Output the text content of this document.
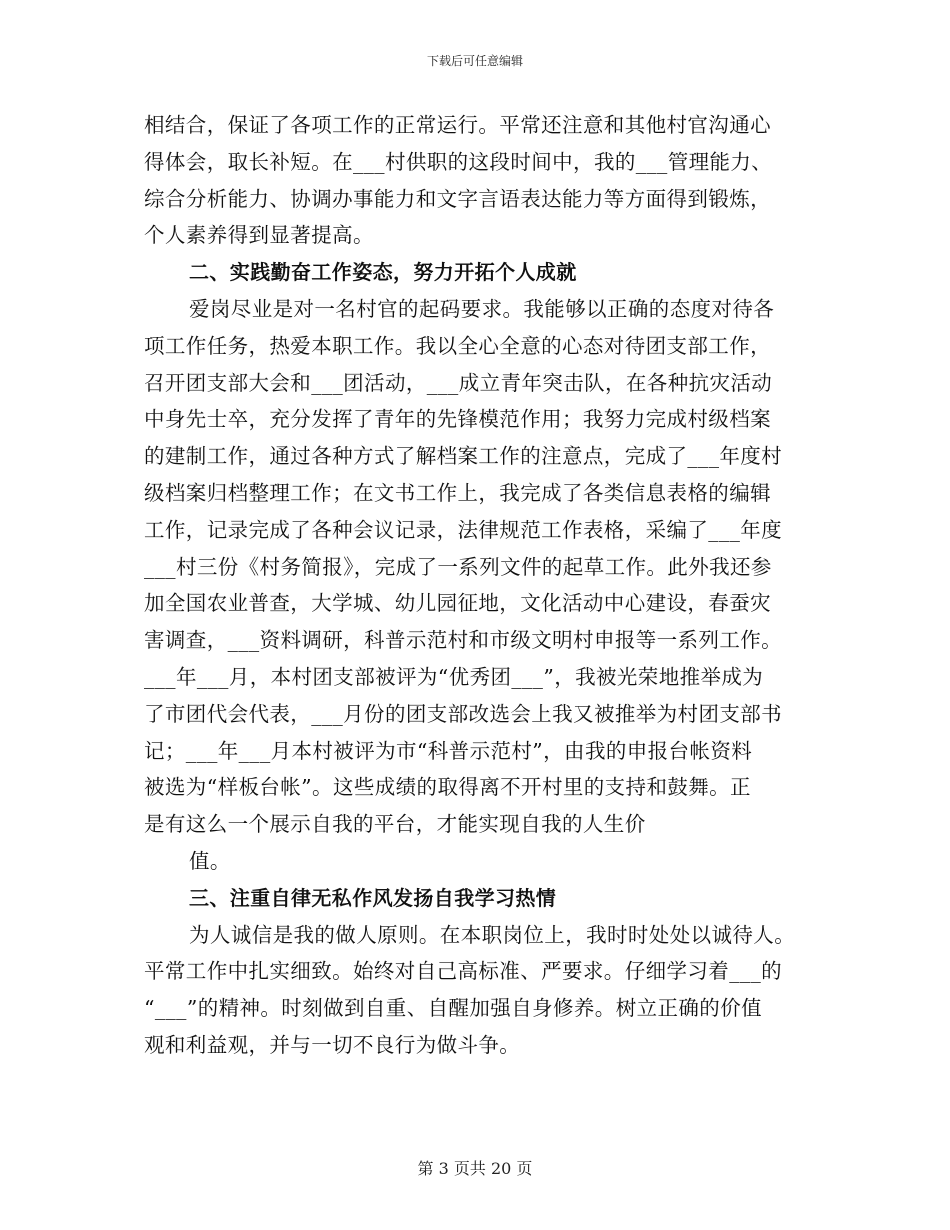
下载后可任意编辑
相结合，保证了各项工作的正常运行。平常还注意和其他村官沟通心
得体会，取长补短。在___村供职的这段时间中，我的___管理能力、
综合分析能力、协调办事能力和文字言语表达能力等方面得到锻炼，
个人素养得到显著提高。
二、实践勤奋工作姿态，努力开拓个人成就
爱岗尽业是对一名村官的起码要求。我能够以正确的态度对待各
项工作任务，热爱本职工作。我以全心全意的心态对待团支部工作，
召开团支部大会和___团活动，___成立青年突击队，在各种抗灾活动
中身先士卒，充分发挥了青年的先锋模范作用；我努力完成村级档案
的建制工作，通过各种方式了解档案工作的注意点，完成了___年度村
级档案归档整理工作；在文书工作上，我完成了各类信息表格的编辑
工作，记录完成了各种会议记录，法律规范工作表格，采编了___年度
___村三份《村务简报》，完成了一系列文件的起草工作。此外我还参
加全国农业普查，大学城、幼儿园征地，文化活动中心建设，春蚕灾
害调查，___资料调研，科普示范村和市级文明村申报等一系列工作。
___年___月，本村团支部被评为“优秀团___”，我被光荣地推举成为
了市团代会代表，___月份的团支部改选会上我又被推举为村团支部书
记；___年___月本村被评为市“科普示范村”，由我的申报台帐资料
被选为“样板台帐”。这些成绩的取得离不开村里的支持和鼓舞。正
是有这么一个展示自我的平台，才能实现自我的人生价
值。
三、注重自律无私作风发扬自我学习热情
为人诚信是我的做人原则。在本职岗位上，我时时处处以诚待人。
平常工作中扎实细致。始终对自己高标准、严要求。仔细学习着___的
“___”的精神。时刻做到自重、自醒加强自身修养。树立正确的价值
观和利益观，并与一切不良行为做斗争。
第 3 页共 20 页
